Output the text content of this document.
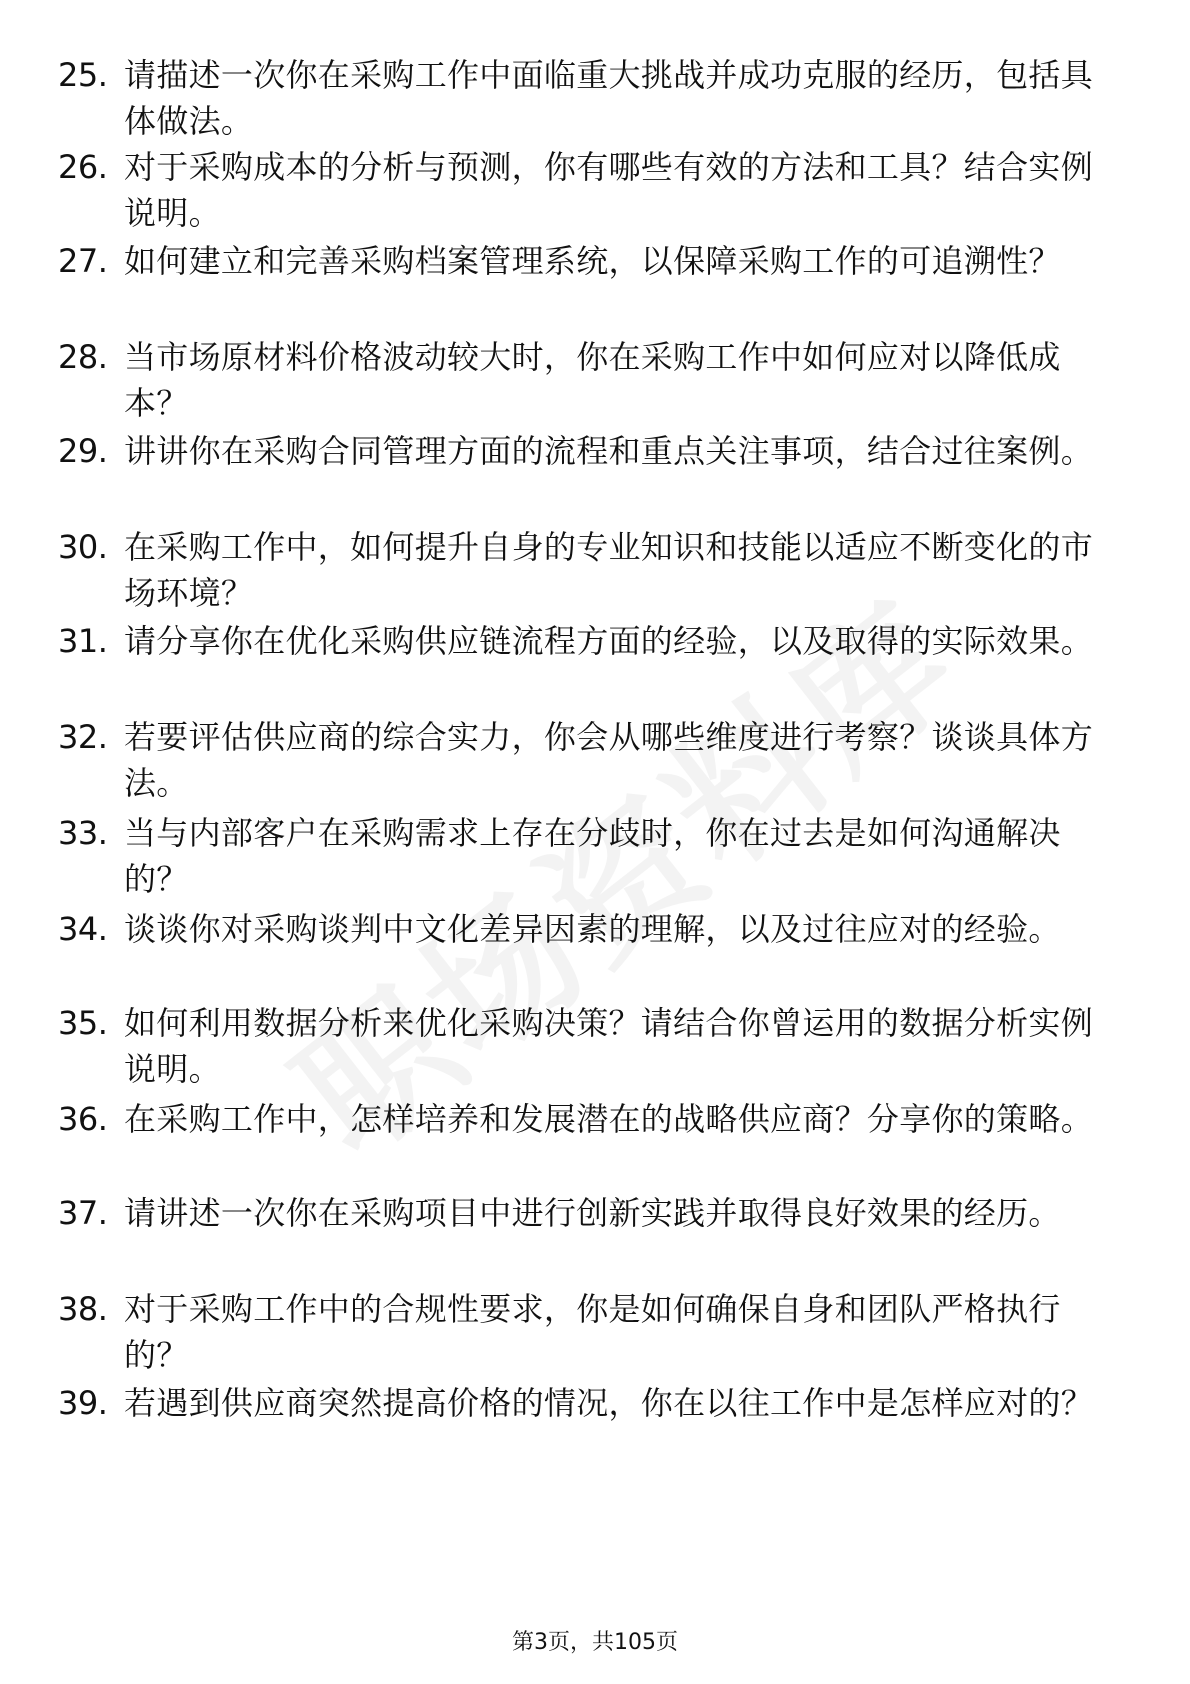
25. 请描述一次你在采购工作中面临重大挑战并成功克服的经历，包括具体做法。
26. 对于采购成本的分析与预测，你有哪些有效的方法和工具？结合实例说明。
27. 如何建立和完善采购档案管理系统，以保障采购工作的可追溯性？
28. 当市场原材料价格波动较大时，你在采购工作中如何应对以降低成本？
29. 讲讲你在采购合同管理方面的流程和重点关注事项，结合过往案例。
30. 在采购工作中，如何提升自身的专业知识和技能以适应不断变化的市场环境？
31. 请分享你在优化采购供应链流程方面的经验，以及取得的实际效果。
32. 若要评估供应商的综合实力，你会从哪些维度进行考察？谈谈具体方法。
33. 当与内部客户在采购需求上存在分歧时，你在过去是如何沟通解决的？
34. 谈谈你对采购谈判中文化差异因素的理解，以及过往应对的经验。
35. 如何利用数据分析来优化采购决策？请结合你曾运用的数据分析实例说明。
36. 在采购工作中，怎样培养和发展潜在的战略供应商？分享你的策略。
37. 请讲述一次你在采购项目中进行创新实践并取得良好效果的经历。
38. 对于采购工作中的合规性要求，你是如何确保自身和团队严格执行的？
39. 若遇到供应商突然提高价格的情况，你在以往工作中是怎样应对的？
第3页，共105页
